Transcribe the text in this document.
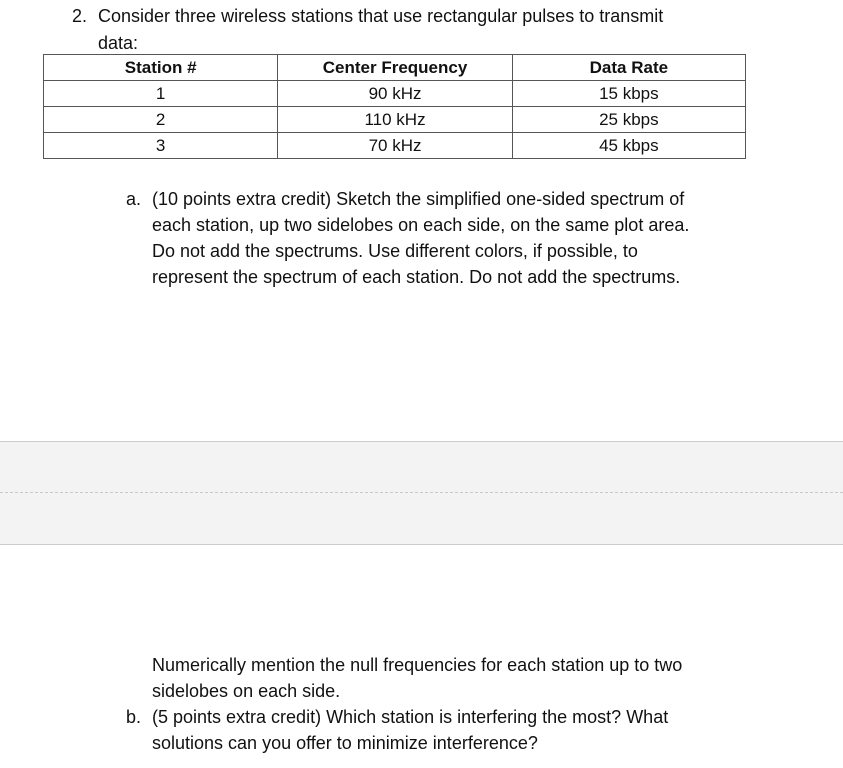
2. Consider three wireless stations that use rectangular pulses to transmit
data:
Station #	Center Frequency	Data Rate
1	90 kHz	15 kbps
2	110 kHz	25 kbps
3	70 kHz	45 kbps
a. (10 points extra credit) Sketch the simplified one-sided spectrum of
each station, up two sidelobes on each side, on the same plot area.
Do not add the spectrums. Use different colors, if possible, to
represent the spectrum of each station. Do not add the spectrums.
Numerically mention the null frequencies for each station up to two
sidelobes on each side.
b. (5 points extra credit) Which station is interfering the most? What
solutions can you offer to minimize interference?
